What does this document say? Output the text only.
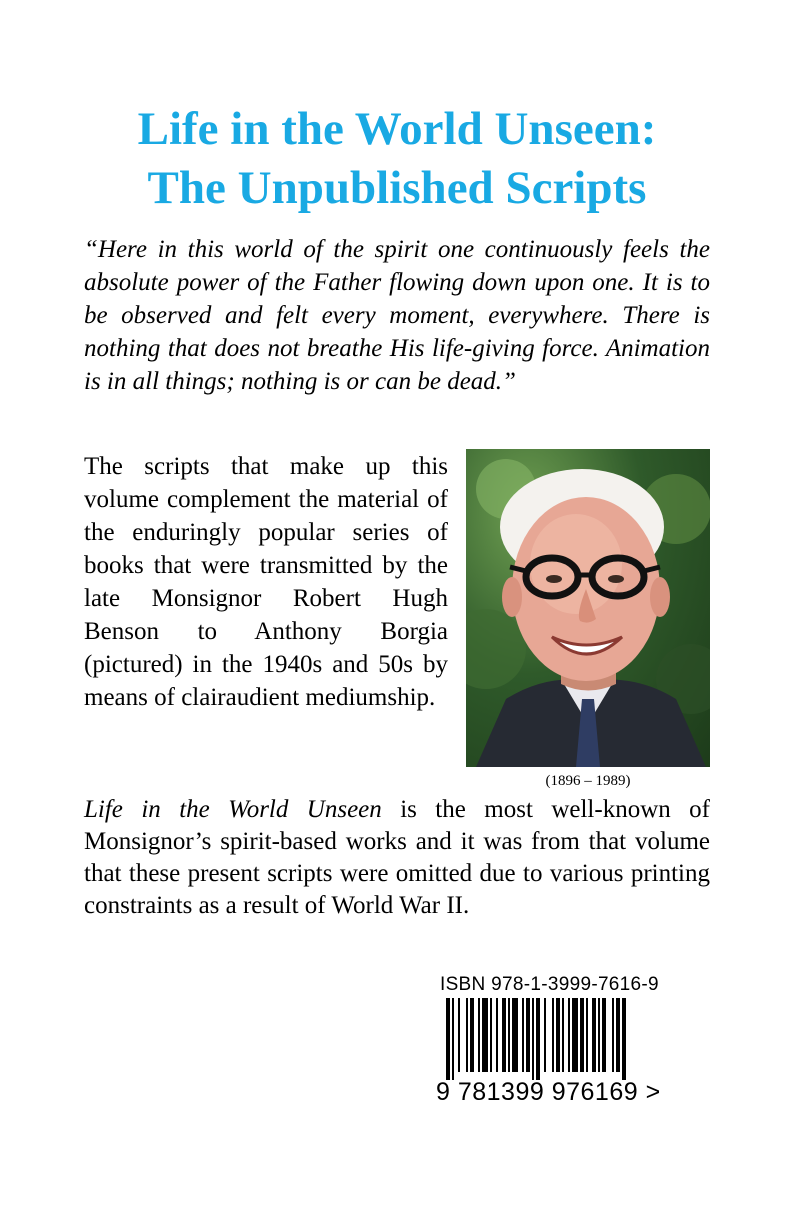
Life in the World Unseen:
The Unpublished Scripts

“Here in this world of the spirit one continuously feels the absolute power of the Father flowing down upon one. It is to be observed and felt every moment, everywhere. There is nothing that does not breathe His life-giving force. Animation is in all things; nothing is or can be dead.”

The scripts that make up this volume complement the material of the enduringly popular series of books that were transmitted by the late Monsignor Robert Hugh Benson to Anthony Borgia (pictured) in the 1940s and 50s by means of clairaudient mediumship.

(1896 – 1989)

Life in the World Unseen is the most well-known of Monsignor’s spirit-based works and it was from that volume that these present scripts were omitted due to various printing constraints as a result of World War II.

ISBN 978-1-3999-7616-9
9 781399 976169 >
